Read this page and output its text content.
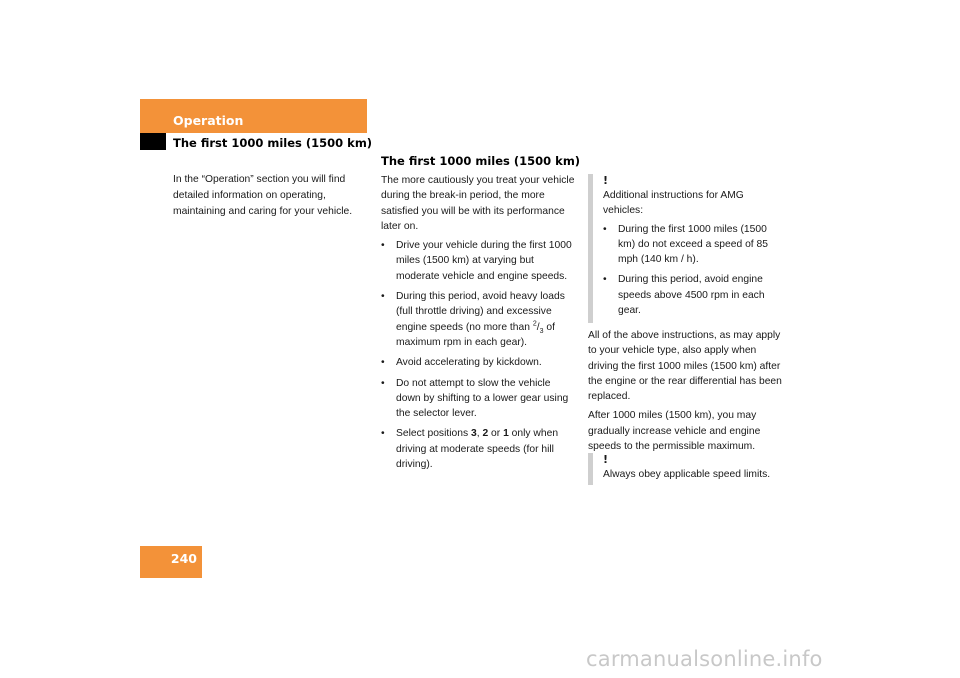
Operation
The first 1000 miles (1500 km)
In the “Operation” section you will find detailed information on operating, maintaining and caring for your vehicle.
240
The first 1000 miles (1500 km)

The more cautiously you treat your vehicle during the break-in period, the more satisfied you will be with its performance later on.

• Drive your vehicle during the first 1000 miles (1500 km) at varying but moderate vehicle and engine speeds.
• During this period, avoid heavy loads (full throttle driving) and excessive engine speeds (no more than $^2/_3$ of maximum rpm in each gear).
• Avoid accelerating by kickdown.
• Do not attempt to slow the vehicle down by shifting to a lower gear using the selector lever.
• Select positions 3, 2 or 1 only when driving at moderate speeds (for hill driving).
!

Additional instructions for AMG vehicles:

• During the first 1000 miles (1500 km) do not exceed a speed of 85 mph (140 km / h).
• During this period, avoid engine speeds above 4500 rpm in each gear.

All of the above instructions, as may apply to your vehicle type, also apply when driving the first 1000 miles (1500 km) after the engine or the rear differential has been replaced.

After 1000 miles (1500 km), you may gradually increase vehicle and engine speeds to the permissible maximum.

!

Always obey applicable speed limits.

carmanualsonline.info
